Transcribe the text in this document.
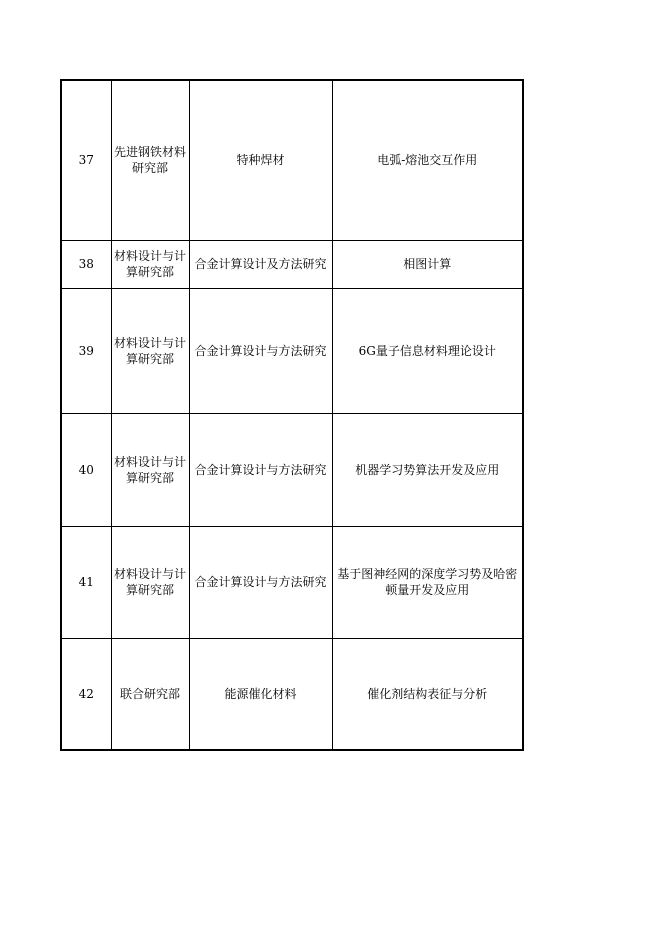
37	先进钢铁材料研究部	特种焊材	电弧-熔池交互作用
38	材料设计与计算研究部	合金计算设计及方法研究	相图计算
39	材料设计与计算研究部	合金计算设计与方法研究	6G量子信息材料理论设计
40	材料设计与计算研究部	合金计算设计与方法研究	机器学习势算法开发及应用
41	材料设计与计算研究部	合金计算设计与方法研究	基于图神经网的深度学习势及哈密顿量开发及应用
42	联合研究部	能源催化材料	催化剂结构表征与分析
